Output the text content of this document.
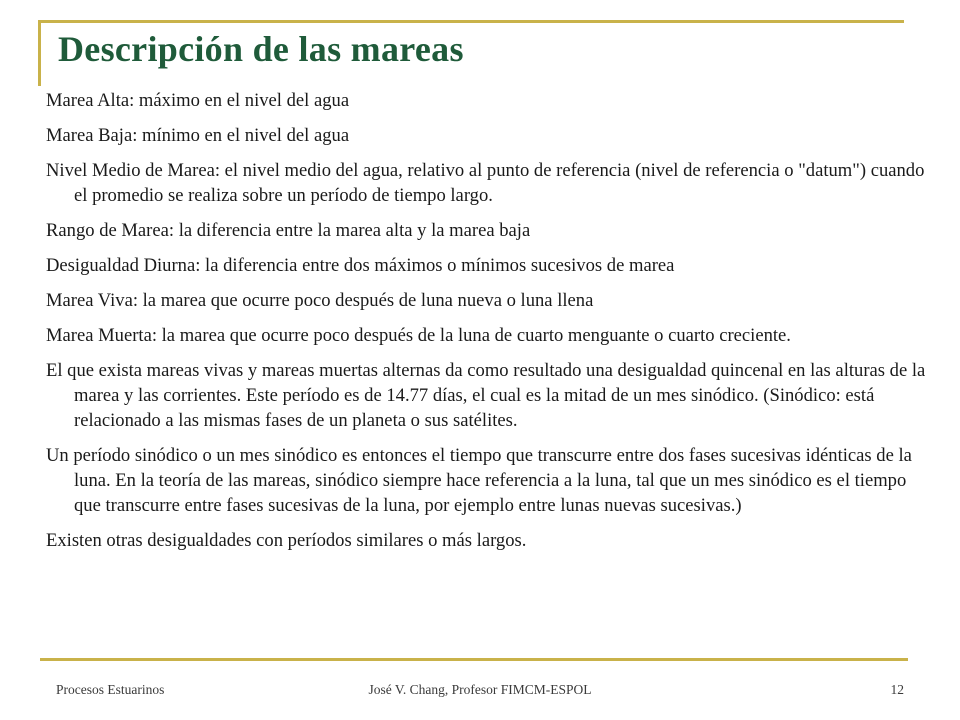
Descripción de las mareas

Marea Alta: máximo en el nivel del agua

Marea Baja: mínimo en el nivel del agua

Nivel Medio de Marea: el nivel medio del agua, relativo al punto de referencia (nivel de referencia o "datum") cuando el promedio se realiza sobre un período de tiempo largo.

Rango de Marea: la diferencia entre la marea alta y la marea baja

Desigualdad Diurna: la diferencia entre dos máximos o mínimos sucesivos de marea

Marea Viva: la marea que ocurre poco después de luna nueva o luna llena

Marea Muerta: la marea que ocurre poco después de la luna de cuarto menguante o cuarto creciente.

El que exista mareas vivas y mareas muertas alternas da como resultado una desigualdad quincenal en las alturas de la marea y las corrientes. Este período es de 14.77 días, el cual es la mitad de un mes sinódico. (Sinódico: está relacionado a las mismas fases de un planeta o sus satélites.

Un período sinódico o un mes sinódico es entonces el tiempo que transcurre entre dos fases sucesivas idénticas de la luna. En la teoría de las mareas, sinódico siempre hace referencia a la luna, tal que un mes sinódico es el tiempo que transcurre entre fases sucesivas de la luna, por ejemplo entre lunas nuevas sucesivas.)

Existen otras desigualdades con períodos similares o más largos.

Procesos Estuarinos	José V. Chang, Profesor FIMCM-ESPOL	12
